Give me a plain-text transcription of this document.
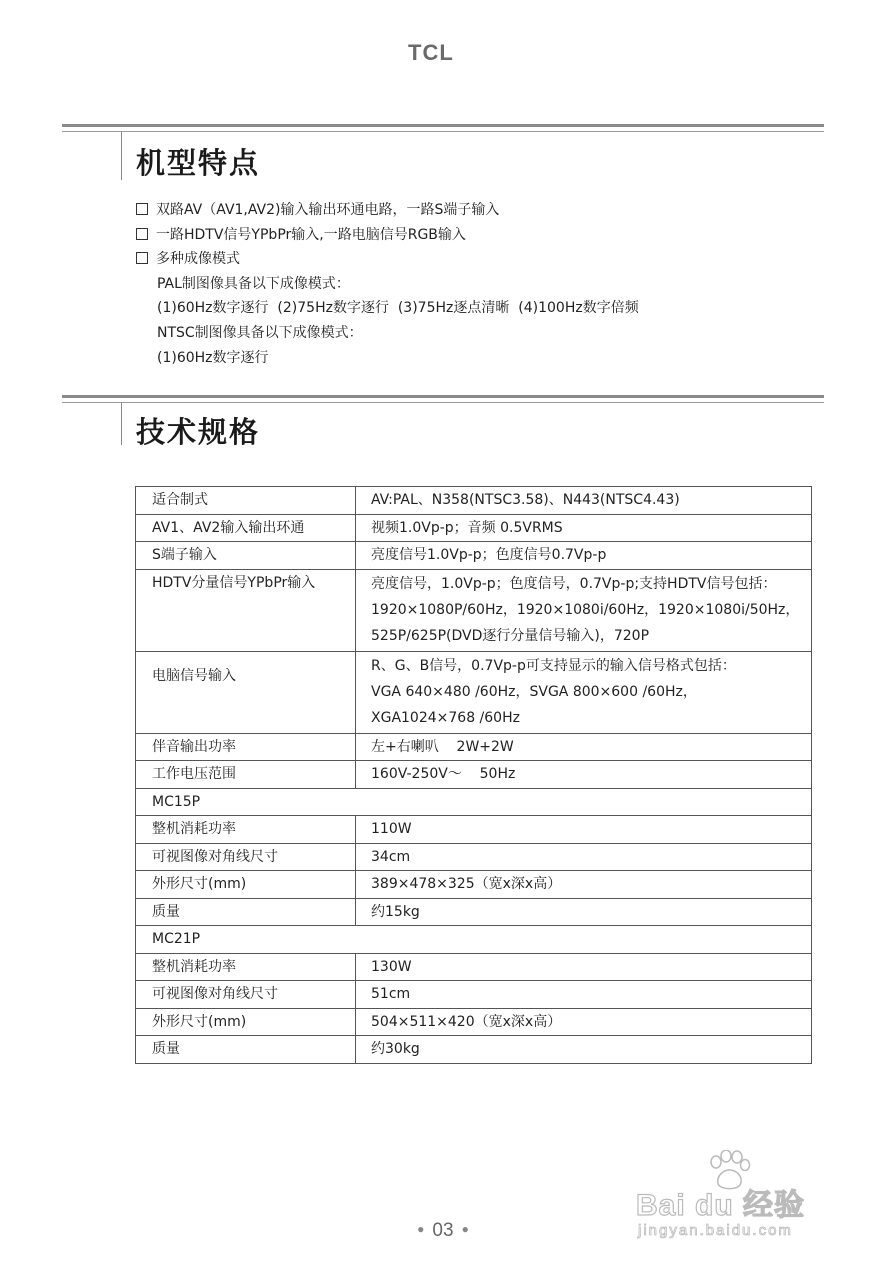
TCL
机型特点
双路AV（AV1,AV2)输入输出环通电路，一路S端子输入
一路HDTV信号YPbPr输入,一路电脑信号RGB输入
多种成像模式
PAL制图像具备以下成像模式：
(1)60Hz数字逐行  (2)75Hz数字逐行  (3)75Hz逐点清晰  (4)100Hz数字倍频
NTSC制图像具备以下成像模式：
(1)60Hz数字逐行
技术规格
适合制式	AV:PAL、N358(NTSC3.58)、N443(NTSC4.43)
AV1、AV2输入输出环通	视频1.0Vp-p；音频 0.5VRMS
S端子输入	亮度信号1.0Vp-p；色度信号0.7Vp-p
HDTV分量信号YPbPr输入	亮度信号，1.0Vp-p；色度信号，0.7Vp-p;支持HDTV信号包括：
1920×1080P/60Hz，1920×1080i/60Hz，1920×1080i/50Hz，
525P/625P(DVD逐行分量信号输入)，720P

电脑信号输入	R、G、B信号，0.7Vp-p可支持显示的输入信号格式包括：
VGA 640×480 /60Hz，SVGA 800×600 /60Hz，
XGA1024×768 /60Hz

伴音输出功率	左+右喇叭    2W+2W
工作电压范围	160V-250V～    50Hz
MC15P	
整机消耗功率	110W
可视图像对角线尺寸	34cm
外形尺寸(mm)	389×478×325（宽x深x高）
质量	约15kg
MC21P	
整机消耗功率	130W
可视图像对角线尺寸	51cm
外形尺寸(mm)	504×511×420（宽x深x高）
质量	约30kg
Bai du 经验
jingyan.baidu.com
● 03 ●
